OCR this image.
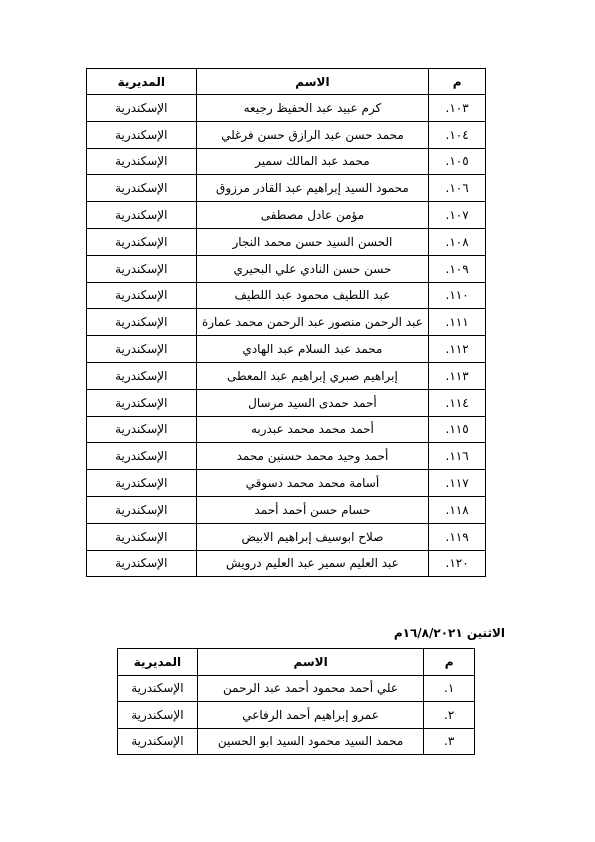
م	الاسم	المديرية
١٠٣.	كرم عبيد عبد الحفيظ رجيعه	الإسكندرية
١٠٤.	محمد حسن عبد الرازق حسن فرغلي	الإسكندرية
١٠٥.	محمد عبد المالك سمير	الإسكندرية
١٠٦.	محمود السيد إبراهيم عبد القادر مرزوق	الإسكندرية
١٠٧.	مؤمن عادل مصطفى	الإسكندرية
١٠٨.	الحسن السيد حسن محمد النجار	الإسكندرية
١٠٩.	حسن حسن النادي علي البحيري	الإسكندرية
١١٠.	عبد اللطيف محمود عبد اللطيف	الإسكندرية
١١١.	عبد الرحمن منصور عبد الرحمن محمد عمارة	الإسكندرية
١١٢.	محمد عبد السلام عبد الهادي	الإسكندرية
١١٣.	إبراهيم صبري إبراهيم عبد المعطى	الإسكندرية
١١٤.	أحمد حمدى السيد مرسال	الإسكندرية
١١٥.	أحمد محمد محمد عبدربه	الإسكندرية
١١٦.	أحمد وحيد محمد حسنين محمد	الإسكندرية
١١٧.	أسامة محمد محمد دسوقي	الإسكندرية
١١٨.	حسام حسن أحمد أحمد	الإسكندرية
١١٩.	صلاح ابوسيف إبراهيم الابيض	الإسكندرية
١٢٠.	عبد العليم سمير عبد العليم درويش	الإسكندرية

الاثنين ١٦/٨/٢٠٢١م

م	الاسم	المديرية
١.	علي أحمد محمود أحمد عبد الرحمن	الإسكندرية
٢.	عمرو إبراهيم أحمد الرفاعي	الإسكندرية
٣.	محمد السيد محمود السيد ابو الحسين	الإسكندرية
